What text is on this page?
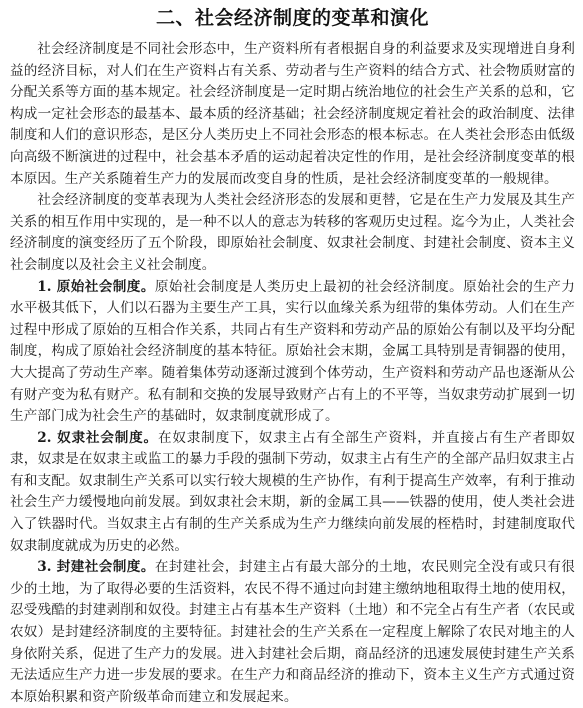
二、社会经济制度的变革和演化

社会经济制度是不同社会形态中，生产资料所有者根据自身的利益要求及实现增进自身利益的经济目标，对人们在生产资料占有关系、劳动者与生产资料的结合方式、社会物质财富的分配关系等方面的基本规定。社会经济制度是一定时期占统治地位的社会生产关系的总和，它构成一定社会形态的最基本、最本质的经济基础；社会经济制度规定着社会的政治制度、法律制度和人们的意识形态，是区分人类历史上不同社会形态的根本标志。在人类社会形态由低级向高级不断演进的过程中，社会基本矛盾的运动起着决定性的作用，是社会经济制度变革的根本原因。生产关系随着生产力的发展而改变自身的性质，是社会经济制度变革的一般规律。

社会经济制度的变革表现为人类社会经济形态的发展和更替，它是在生产力发展及其生产关系的相互作用中实现的，是一种不以人的意志为转移的客观历史过程。迄今为止，人类社会经济制度的演变经历了五个阶段，即原始社会制度、奴隶社会制度、封建社会制度、资本主义社会制度以及社会主义社会制度。

1. 原始社会制度。原始社会制度是人类历史上最初的社会经济制度。原始社会的生产力水平极其低下，人们以石器为主要生产工具，实行以血缘关系为纽带的集体劳动。人们在生产过程中形成了原始的互相合作关系，共同占有生产资料和劳动产品的原始公有制以及平均分配制度，构成了原始社会经济制度的基本特征。原始社会末期，金属工具特别是青铜器的使用，大大提高了劳动生产率。随着集体劳动逐渐过渡到个体劳动，生产资料和劳动产品也逐渐从公有财产变为私有财产。私有制和交换的发展导致财产占有上的不平等，当奴隶劳动扩展到一切生产部门成为社会生产的基础时，奴隶制度就形成了。

2. 奴隶社会制度。在奴隶制度下，奴隶主占有全部生产资料，并直接占有生产者即奴隶，奴隶是在奴隶主或监工的暴力手段的强制下劳动，奴隶主占有生产的全部产品归奴隶主占有和支配。奴隶制生产关系可以实行较大规模的生产协作，有利于提高生产效率，有利于推动社会生产力缓慢地向前发展。到奴隶社会末期，新的金属工具——铁器的使用，使人类社会进入了铁器时代。当奴隶主占有制的生产关系成为生产力继续向前发展的桎梏时，封建制度取代奴隶制度就成为历史的必然。

3. 封建社会制度。在封建社会，封建主占有最大部分的土地，农民则完全没有或只有很少的土地，为了取得必要的生活资料，农民不得不通过向封建主缴纳地租取得土地的使用权，忍受残酷的封建剥削和奴役。封建主占有基本生产资料（土地）和不完全占有生产者（农民或农奴）是封建经济制度的主要特征。封建社会的生产关系在一定程度上解除了农民对地主的人身依附关系，促进了生产力的发展。进入封建社会后期，商品经济的迅速发展使封建生产关系无法适应生产力进一步发展的要求。在生产力和商品经济的推动下，资本主义生产方式通过资本原始积累和资产阶级革命而建立和发展起来。
